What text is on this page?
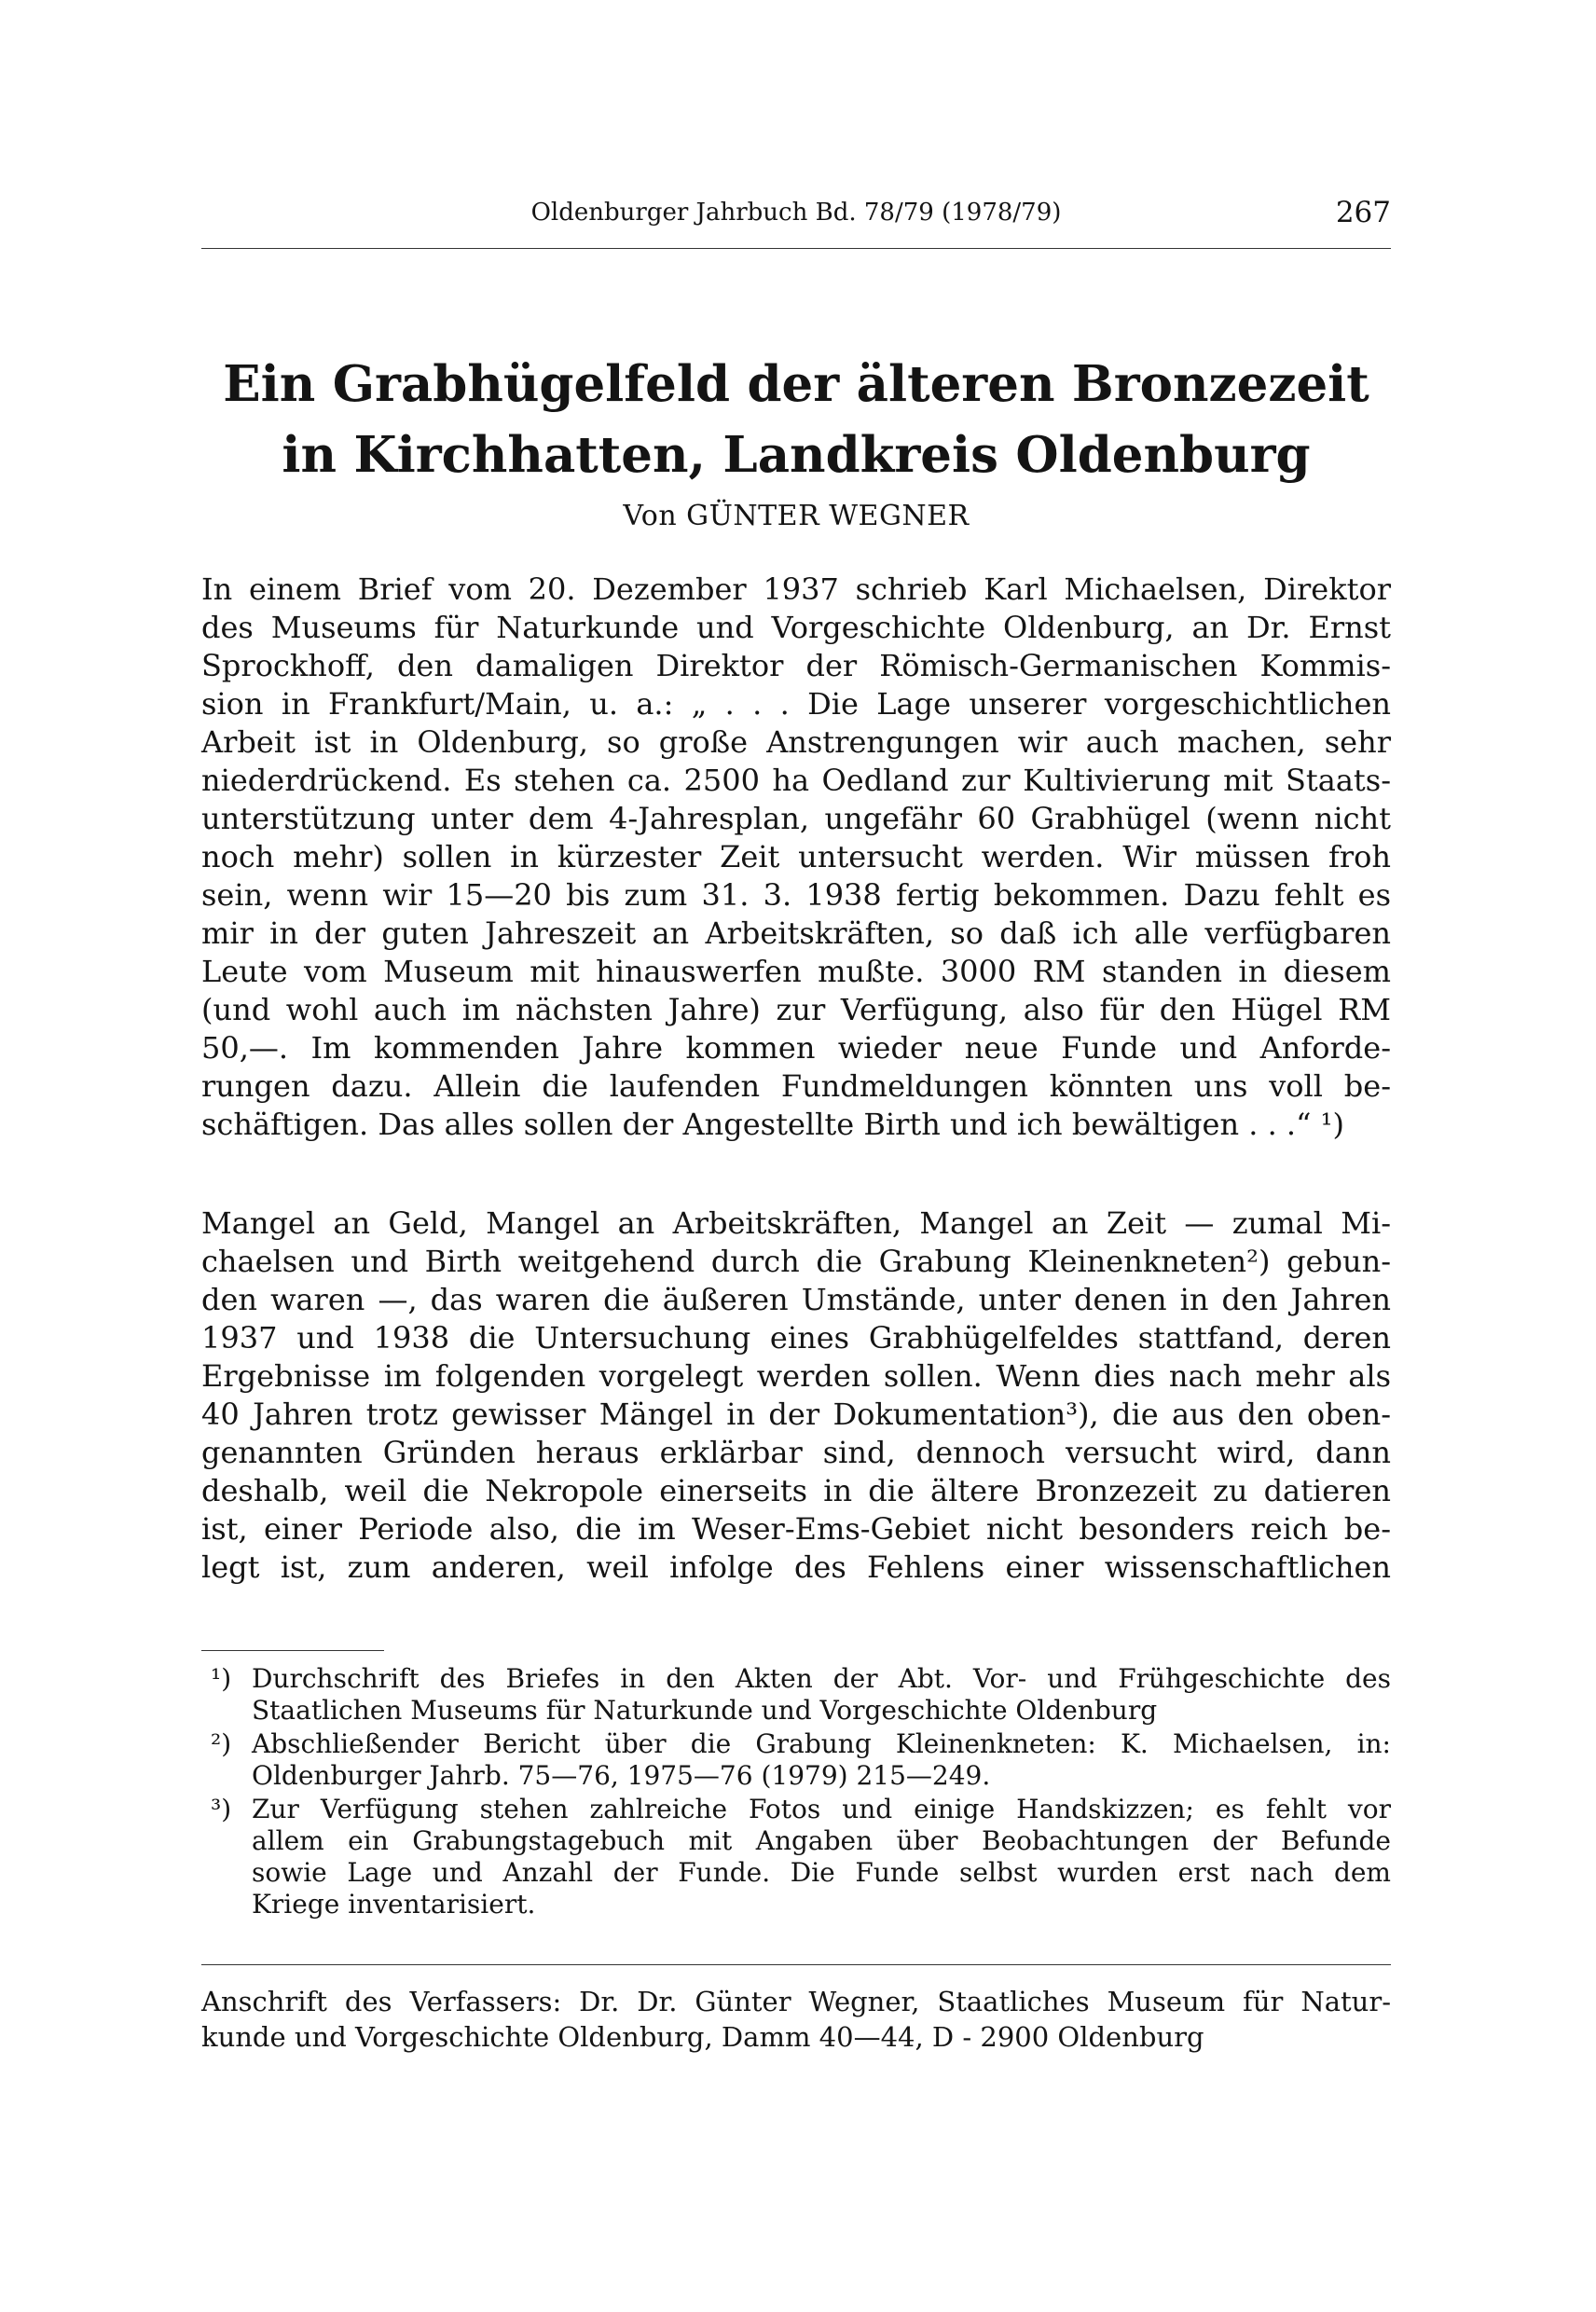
Oldenburger Jahrbuch Bd. 78/79 (1978/79)	267
Ein Grabhügelfeld der älteren Bronzezeit
in Kirchhatten, Landkreis Oldenburg
Von GÜNTER WEGNER
In einem Brief vom 20. Dezember 1937 schrieb Karl Michaelsen, Direktor
des Museums für Naturkunde und Vorgeschichte Oldenburg, an Dr. Ernst
Sprockhoff, den damaligen Direktor der Römisch-Germanischen Kommis-
sion in Frankfurt/Main, u. a.: „ . . . Die Lage unserer vorgeschichtlichen
Arbeit ist in Oldenburg, so große Anstrengungen wir auch machen, sehr
niederdrückend. Es stehen ca. 2500 ha Oedland zur Kultivierung mit Staats-
unterstützung unter dem 4-Jahresplan, ungefähr 60 Grabhügel (wenn nicht
noch mehr) sollen in kürzester Zeit untersucht werden. Wir müssen froh
sein, wenn wir 15—20 bis zum 31. 3. 1938 fertig bekommen. Dazu fehlt es
mir in der guten Jahreszeit an Arbeitskräften, so daß ich alle verfügbaren
Leute vom Museum mit hinauswerfen mußte. 3000 RM standen in diesem
(und wohl auch im nächsten Jahre) zur Verfügung, also für den Hügel RM
50,—. Im kommenden Jahre kommen wieder neue Funde und Anforde-
rungen dazu. Allein die laufenden Fundmeldungen könnten uns voll be-
schäftigen. Das alles sollen der Angestellte Birth und ich bewältigen . . .“ ¹)
Mangel an Geld, Mangel an Arbeitskräften, Mangel an Zeit — zumal Mi-
chaelsen und Birth weitgehend durch die Grabung Kleinenkneten²) gebun-
den waren —, das waren die äußeren Umstände, unter denen in den Jahren
1937 und 1938 die Untersuchung eines Grabhügelfeldes stattfand, deren
Ergebnisse im folgenden vorgelegt werden sollen. Wenn dies nach mehr als
40 Jahren trotz gewisser Mängel in der Dokumentation³), die aus den oben-
genannten Gründen heraus erklärbar sind, dennoch versucht wird, dann
deshalb, weil die Nekropole einerseits in die ältere Bronzezeit zu datieren
ist, einer Periode also, die im Weser-Ems-Gebiet nicht besonders reich be-
legt ist, zum anderen, weil infolge des Fehlens einer wissenschaftlichen
¹) Durchschrift des Briefes in den Akten der Abt. Vor- und Frühgeschichte des
Staatlichen Museums für Naturkunde und Vorgeschichte Oldenburg
²) Abschließender Bericht über die Grabung Kleinenkneten: K. Michaelsen, in:
Oldenburger Jahrb. 75—76, 1975—76 (1979) 215—249.
³) Zur Verfügung stehen zahlreiche Fotos und einige Handskizzen; es fehlt vor
allem ein Grabungstagebuch mit Angaben über Beobachtungen der Befunde
sowie Lage und Anzahl der Funde. Die Funde selbst wurden erst nach dem
Kriege inventarisiert.
Anschrift des Verfassers: Dr. Dr. Günter Wegner, Staatliches Museum für Natur-
kunde und Vorgeschichte Oldenburg, Damm 40—44, D - 2900 Oldenburg
